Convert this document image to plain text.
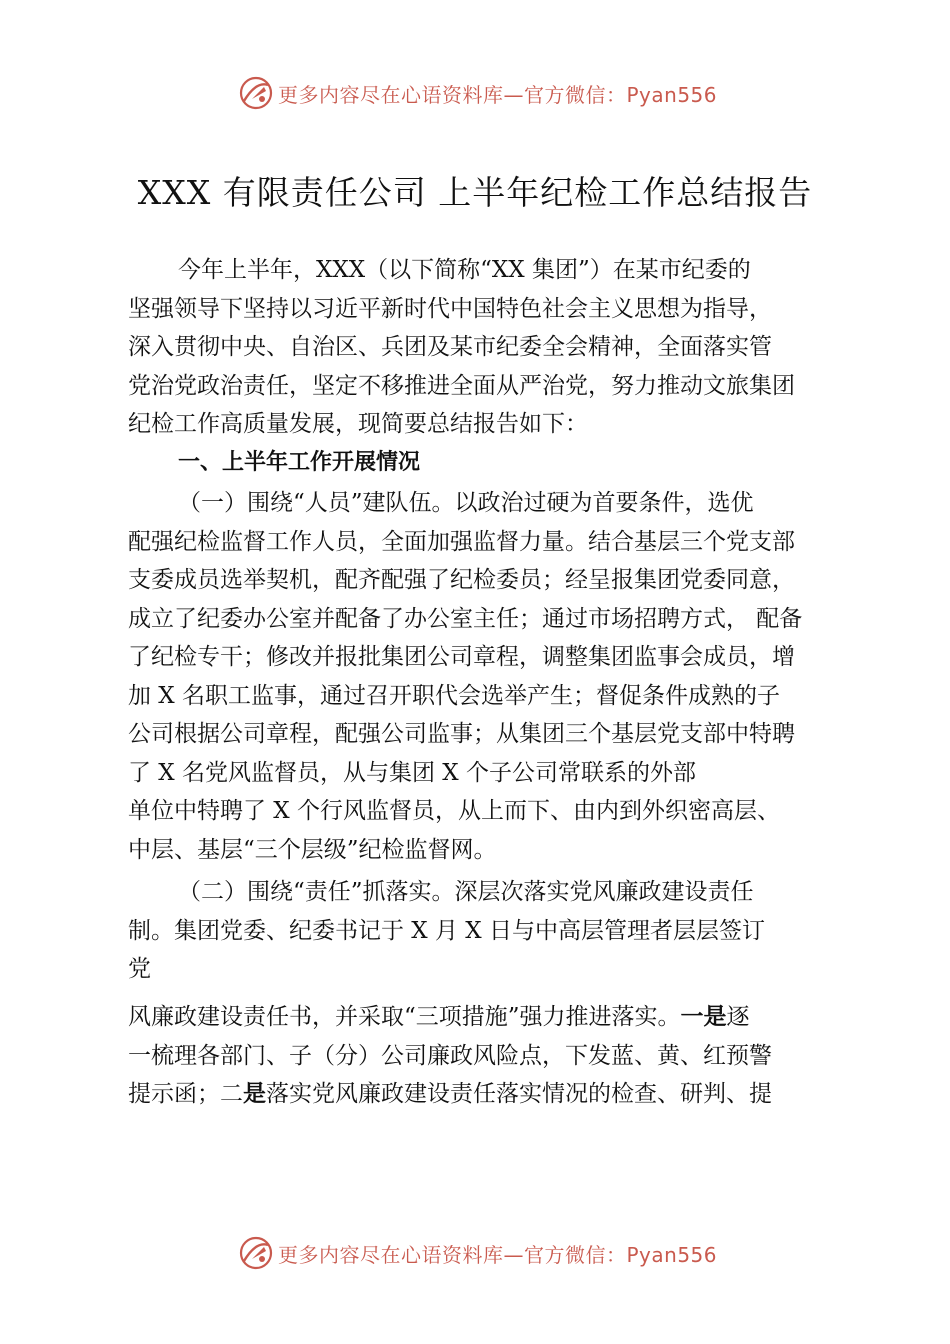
更多内容尽在心语资料库—官方微信：Pyan556
XXX 有限责任公司 上半年纪检工作总结报告
今年上半年，XXX（以下简称“XX 集团”）在某市纪委的
坚强领导下坚持以习近平新时代中国特色社会主义思想为指导，
深入贯彻中央、自治区、兵团及某市纪委全会精神，全面落实管
党治党政治责任，坚定不移推进全面从严治党，努力推动文旅集团
纪检工作高质量发展，现简要总结报告如下：
一、上半年工作开展情况
（一）围绕“人员”建队伍。以政治过硬为首要条件，选优
配强纪检监督工作人员，全面加强监督力量。结合基层三个党支部
支委成员选举契机，配齐配强了纪检委员；经呈报集团党委同意，
成立了纪委办公室并配备了办公室主任；通过市场招聘方式， 配备
了纪检专干；修改并报批集团公司章程，调整集团监事会成员，增
加 X 名职工监事，通过召开职代会选举产生；督促条件成熟的子
公司根据公司章程，配强公司监事；从集团三个基层党支部中特聘
了 X 名党风监督员，从与集团 X 个子公司常联系的外部
单位中特聘了 X 个行风监督员，从上而下、由内到外织密高层、
中层、基层“三个层级”纪检监督网。
（二）围绕“责任”抓落实。深层次落实党风廉政建设责任
制。集团党委、纪委书记于 X 月 X 日与中高层管理者层层签订
党
风廉政建设责任书，并采取“三项措施”强力推进落实。一是逐
一梳理各部门、子（分）公司廉政风险点，下发蓝、黄、红预警
提示函；二是落实党风廉政建设责任落实情况的检查、研判、提
更多内容尽在心语资料库—官方微信：Pyan556
